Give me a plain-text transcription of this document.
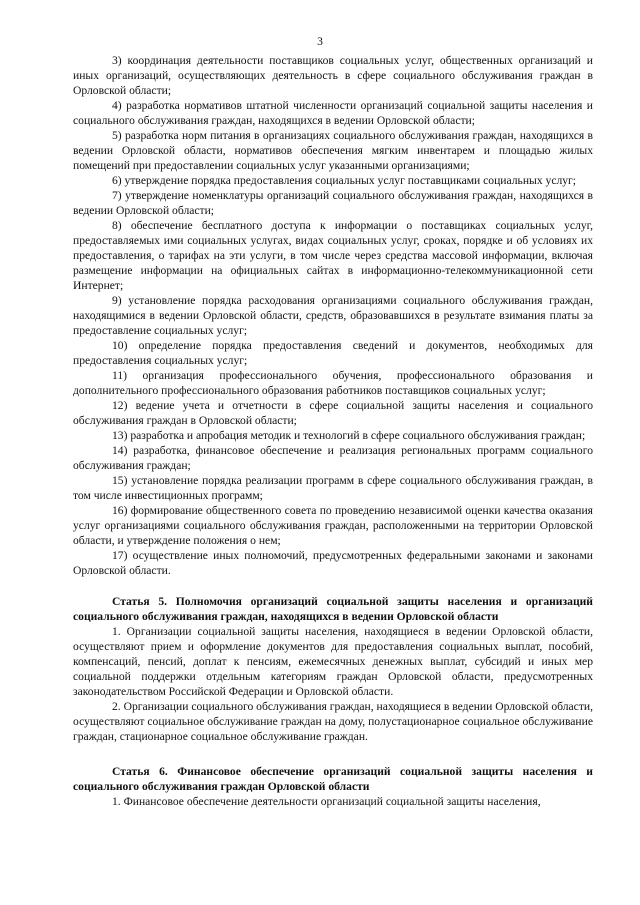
3

3) координация деятельности поставщиков социальных услуг, общественных организаций и иных организаций, осуществляющих деятельность в сфере социального обслуживания граждан в Орловской области;

4) разработка нормативов штатной численности организаций социальной защиты населения и социального обслуживания граждан, находящихся в ведении Орловской области;

5) разработка норм питания в организациях социального обслуживания граждан, находящихся в ведении Орловской области, нормативов обеспечения мягким инвентарем и площадью жилых помещений при предоставлении социальных услуг указанными организациями;

6) утверждение порядка предоставления социальных услуг поставщиками социальных услуг;

7) утверждение номенклатуры организаций социального обслуживания граждан, находящихся в ведении Орловской области;

8) обеспечение бесплатного доступа к информации о поставщиках социальных услуг, предоставляемых ими социальных услугах, видах социальных услуг, сроках, порядке и об условиях их предоставления, о тарифах на эти услуги, в том числе через средства массовой информации, включая размещение информации на официальных сайтах в информационно-телекоммуникационной сети Интернет;

9) установление порядка расходования организациями социального обслуживания граждан, находящимися в ведении Орловской области, средств, образовавшихся в результате взимания платы за предоставление социальных услуг;

10) определение порядка предоставления сведений и документов, необходимых для предоставления социальных услуг;

11) организация профессионального обучения, профессионального образования и дополнительного профессионального образования работников поставщиков социальных услуг;

12) ведение учета и отчетности в сфере социальной защиты населения и социального обслуживания граждан в Орловской области;

13) разработка и апробация методик и технологий в сфере социального обслуживания граждан;

14) разработка, финансовое обеспечение и реализация региональных программ социального обслуживания граждан;

15) установление порядка реализации программ в сфере социального обслуживания граждан, в том числе инвестиционных программ;

16) формирование общественного совета по проведению независимой оценки качества оказания услуг организациями социального обслуживания граждан, расположенными на территории Орловской области, и утверждение положения о нем;

17) осуществление иных полномочий, предусмотренных федеральными законами и законами Орловской области.

Статья 5. Полномочия организаций социальной защиты населения и организаций социального обслуживания граждан, находящихся в ведении Орловской области

1. Организации социальной защиты населения, находящиеся в ведении Орловской области, осуществляют прием и оформление документов для предоставления социальных выплат, пособий, компенсаций, пенсий, доплат к пенсиям, ежемесячных денежных выплат, субсидий и иных мер социальной поддержки отдельным категориям граждан Орловской области, предусмотренных законодательством Российской Федерации и Орловской области.

2. Организации социального обслуживания граждан, находящиеся в ведении Орловской области, осуществляют социальное обслуживание граждан на дому, полустационарное социальное обслуживание граждан, стационарное социальное обслуживание граждан.

Статья 6. Финансовое обеспечение организаций социальной защиты населения и социального обслуживания граждан Орловской области

1. Финансовое обеспечение деятельности организаций социальной защиты населения,
